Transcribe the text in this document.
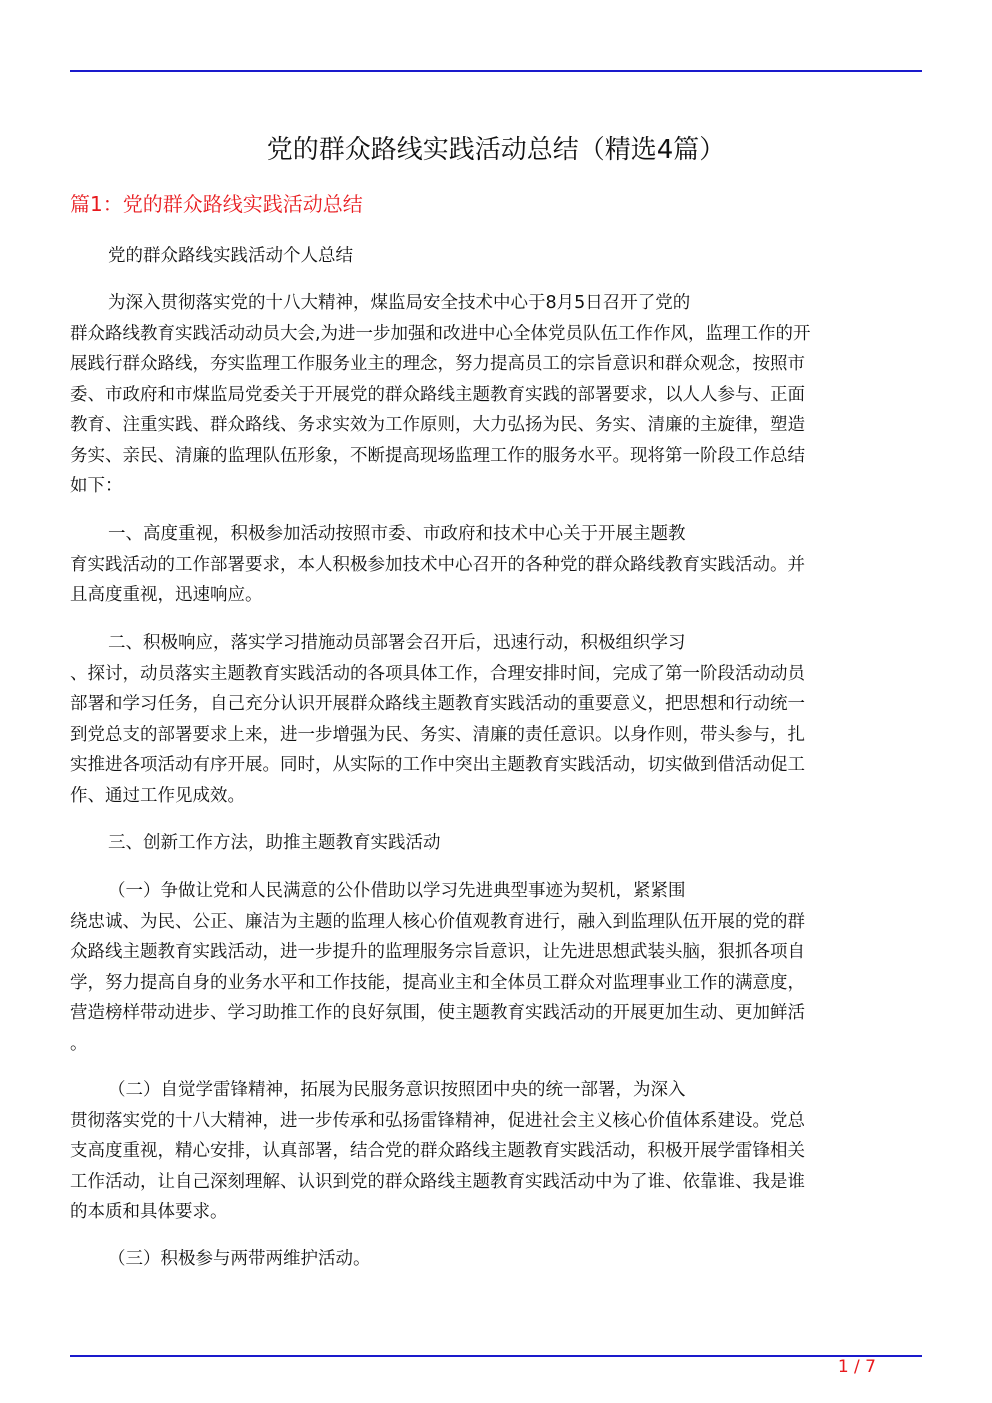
党的群众路线实践活动总结（精选4篇）
篇1：党的群众路线实践活动总结
党的群众路线实践活动个人总结
为深入贯彻落实党的十八大精神，煤监局安全技术中心于8月5日召开了党的
群众路线教育实践活动动员大会,为进一步加强和改进中心全体党员队伍工作作风，监理工作的开
展践行群众路线，夯实监理工作服务业主的理念，努力提高员工的宗旨意识和群众观念，按照市
委、市政府和市煤监局党委关于开展党的群众路线主题教育实践的部署要求，以人人参与、正面
教育、注重实践、群众路线、务求实效为工作原则，大力弘扬为民、务实、清廉的主旋律，塑造
务实、亲民、清廉的监理队伍形象，不断提高现场监理工作的服务水平。现将第一阶段工作总结
如下：
一、高度重视，积极参加活动按照市委、市政府和技术中心关于开展主题教
育实践活动的工作部署要求，本人积极参加技术中心召开的各种党的群众路线教育实践活动。并
且高度重视，迅速响应。
二、积极响应，落实学习措施动员部署会召开后，迅速行动，积极组织学习
、探讨，动员落实主题教育实践活动的各项具体工作，合理安排时间，完成了第一阶段活动动员
部署和学习任务，自己充分认识开展群众路线主题教育实践活动的重要意义，把思想和行动统一
到党总支的部署要求上来，进一步增强为民、务实、清廉的责任意识。以身作则，带头参与，扎
实推进各项活动有序开展。同时，从实际的工作中突出主题教育实践活动，切实做到借活动促工
作、通过工作见成效。
三、创新工作方法，助推主题教育实践活动
（一）争做让党和人民满意的公仆借助以学习先进典型事迹为契机，紧紧围
绕忠诚、为民、公正、廉洁为主题的监理人核心价值观教育进行，融入到监理队伍开展的党的群
众路线主题教育实践活动，进一步提升的监理服务宗旨意识，让先进思想武装头脑，狠抓各项自
学，努力提高自身的业务水平和工作技能，提高业主和全体员工群众对监理事业工作的满意度，
营造榜样带动进步、学习助推工作的良好氛围，使主题教育实践活动的开展更加生动、更加鲜活
。
（二）自觉学雷锋精神，拓展为民服务意识按照团中央的统一部署，为深入
贯彻落实党的十八大精神，进一步传承和弘扬雷锋精神，促进社会主义核心价值体系建设。党总
支高度重视，精心安排，认真部署，结合党的群众路线主题教育实践活动，积极开展学雷锋相关
工作活动，让自己深刻理解、认识到党的群众路线主题教育实践活动中为了谁、依靠谁、我是谁
的本质和具体要求。
（三）积极参与两带两维护活动。
1 / 7
